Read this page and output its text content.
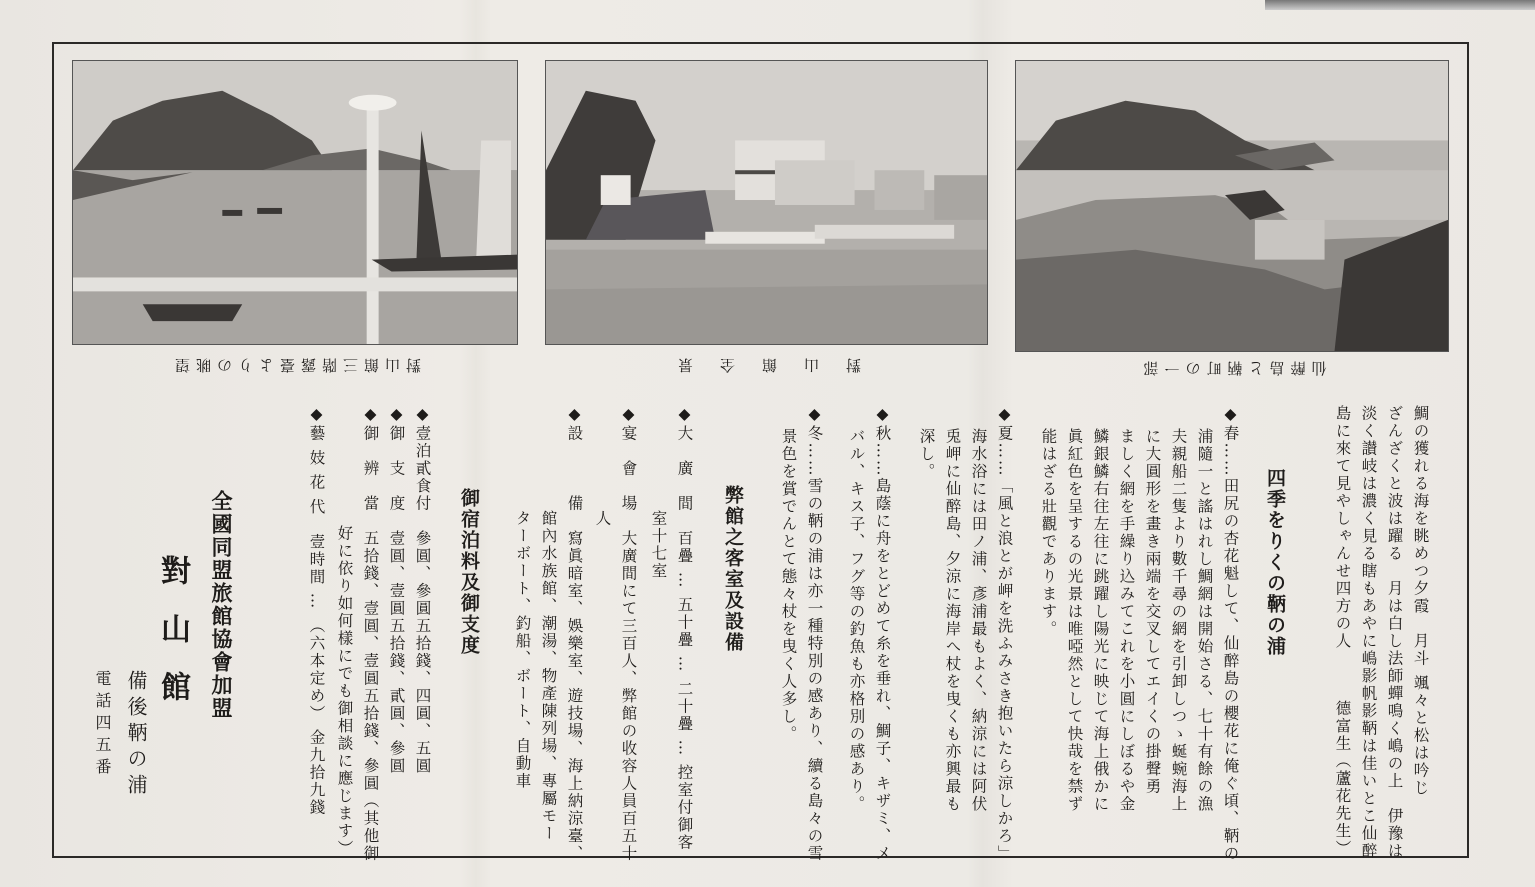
對山館三階露臺よりの眺望	對　山　館　全　景	仙醉島と鞆町の一部
鯛の獲れる海を眺めつ夕霞　月斗 颯々と松は吟じ
ざんざくと波は躍る　月は白し法師蟬鳴く嶋の上　伊豫は
淡く讃岐は濃く見る瞎もあやに嶋影帆影鞆は佳いとこ仙醉
島に來て見やしゃんせ四方の人
德富生（蘆花先生）
四季をりくの鞆の浦
◆春……田尻の杏花魁して、仙醉島の櫻花に俺ぐ頃、鞆の
浦隨一と謠はれし鯛網は開始さる、七十有餘の漁
夫親船二隻より數千尋の網を引卸しつゝ蜒蜿海上
に大圓形を畫き兩端を交叉してエイくの掛聲勇
ましく網を手繰り込みてこれを小圓にしぼるや金
鱗銀鱗右往左往に跳躍し陽光に映じて海上俄かに
眞紅色を呈するの光景は唯啞然として快哉を禁ず
能はざる壯觀であります。
◆夏……「風と浪とが岬を洗ふみさき抱いたら涼しかろ」
海水浴には田ノ浦、彥浦最もよく、納涼には阿伏
兎岬に仙醉島、夕涼に海岸へ杖を曳くも亦興最も
深し。
◆秋……島蔭に舟をとどめて糸を垂れ、鯛子、キザミ、メ
バル、キス子、フグ等の釣魚も亦格別の感あり。
◆冬……雪の鞆の浦は亦一種特別の感あり、續る島々の雪
景色を賞でんとて態々杖を曳く人多し。
弊館之客室及設備
◆大　廣　間　百疊 … 五十疊 … 二十疊 … 控室付御客
室十七室
◆宴　會　場　大廣間にて三百人、弊館の收容人員百五十
人
◆設　　　備　寫眞暗室、娛樂室、遊技場、海上納涼臺、
館內水族館、潮湯、物產陳列場、專屬モー
ターボート、釣船、ボート、自動車
御宿泊料及御支度
◆壹泊貳食付　參圓、參圓五拾錢、四圓、五圓
◆御　支　度　壹圓、壹圓五拾錢、貳圓、參圓
◆御　辨　當　五拾錢、壹圓、壹圓五拾錢、參圓（其他御
好に依り如何樣にでも御相談に應じます）
◆藝 妓 花 代　壹時間 … （六本定め） 金九拾九錢
全國同盟旅館協會加盟
對山館
備後鞆の浦
電話四五番
